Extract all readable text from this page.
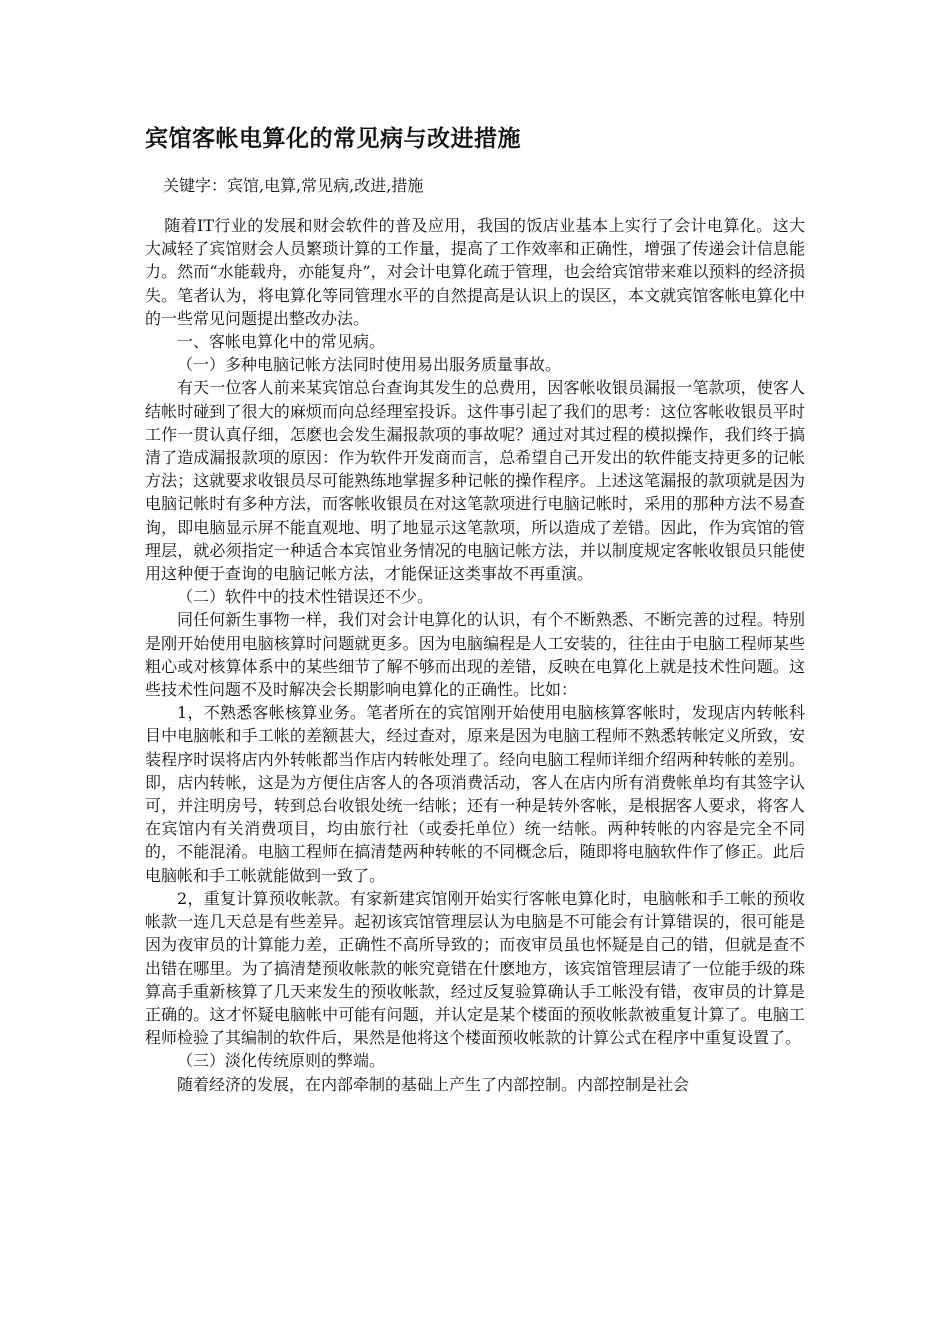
宾馆客帐电算化的常见病与改进措施
关键字：宾馆,电算,常见病,改进,措施

随着IT行业的发展和财会软件的普及应用，我国的饭店业基本上实行了会计电算化。这大大减轻了宾馆财会人员繁琐计算的工作量，提高了工作效率和正确性，增强了传递会计信息能力。然而“水能载舟，亦能复舟”，对会计电算化疏于管理，也会给宾馆带来难以预料的经济损失。笔者认为，将电算化等同管理水平的自然提高是认识上的误区，本文就宾馆客帐电算化中的一些常见问题提出整改办法。

一、客帐电算化中的常见病。

（一）多种电脑记帐方法同时使用易出服务质量事故。

有天一位客人前来某宾馆总台查询其发生的总费用，因客帐收银员漏报一笔款项，使客人结帐时碰到了很大的麻烦而向总经理室投诉。这件事引起了我们的思考：这位客帐收银员平时工作一贯认真仔细，怎麽也会发生漏报款项的事故呢？通过对其过程的模拟操作，我们终于搞清了造成漏报款项的原因：作为软件开发商而言，总希望自己开发出的软件能支持更多的记帐方法；这就要求收银员尽可能熟练地掌握多种记帐的操作程序。上述这笔漏报的款项就是因为电脑记帐时有多种方法，而客帐收银员在对这笔款项进行电脑记帐时，采用的那种方法不易查询，即电脑显示屏不能直观地、明了地显示这笔款项，所以造成了差错。因此，作为宾馆的管理层，就必须指定一种适合本宾馆业务情况的电脑记帐方法，并以制度规定客帐收银员只能使用这种便于查询的电脑记帐方法，才能保证这类事故不再重演。

（二）软件中的技术性错误还不少。

同任何新生事物一样，我们对会计电算化的认识，有个不断熟悉、不断完善的过程。特别是刚开始使用电脑核算时问题就更多。因为电脑编程是人工安装的，往往由于电脑工程师某些粗心或对核算体系中的某些细节了解不够而出现的差错，反映在电算化上就是技术性问题。这些技术性问题不及时解决会长期影响电算化的正确性。比如：

1，不熟悉客帐核算业务。笔者所在的宾馆刚开始使用电脑核算客帐时，发现店内转帐科目中电脑帐和手工帐的差额甚大，经过查对，原来是因为电脑工程师不熟悉转帐定义所致，安装程序时误将店内外转帐都当作店内转帐处理了。经向电脑工程师详细介绍两种转帐的差别。即，店内转帐，这是为方便住店客人的各项消费活动，客人在店内所有消费帐单均有其签字认可，并注明房号，转到总台收银处统一结帐；还有一种是转外客帐，是根据客人要求，将客人在宾馆内有关消费项目，均由旅行社（或委托单位）统一结帐。两种转帐的内容是完全不同的，不能混淆。电脑工程师在搞清楚两种转帐的不同概念后，随即将电脑软件作了修正。此后电脑帐和手工帐就能做到一致了。

2，重复计算预收帐款。有家新建宾馆刚开始实行客帐电算化时，电脑帐和手工帐的预收帐款一连几天总是有些差异。起初该宾馆管理层认为电脑是不可能会有计算错误的，很可能是因为夜审员的计算能力差，正确性不高所导致的；而夜审员虽也怀疑是自己的错，但就是查不出错在哪里。为了搞清楚预收帐款的帐究竟错在什麽地方，该宾馆管理层请了一位能手级的珠算高手重新核算了几天来发生的预收帐款，经过反复验算确认手工帐没有错，夜审员的计算是正确的。这才怀疑电脑帐中可能有问题，并认定是某个楼面的预收帐款被重复计算了。电脑工程师检验了其编制的软件后，果然是他将这个楼面预收帐款的计算公式在程序中重复设置了。

（三）淡化传统原则的弊端。

随着经济的发展，在内部牵制的基础上产生了内部控制。内部控制是社会
